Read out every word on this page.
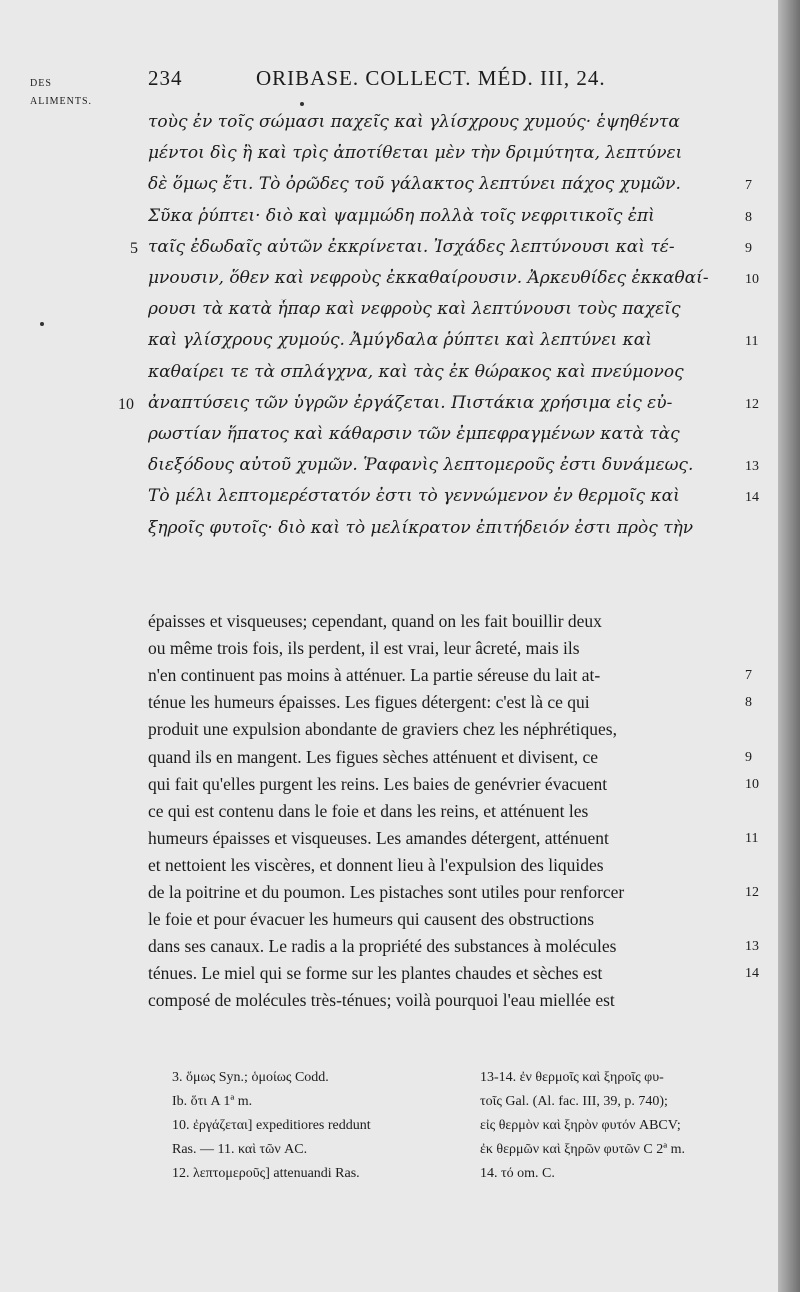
DES
ALIMENTS.
234	ORIBASE. COLLECT. MÉD. III, 24.
τοὺς ἐν τοῖς σώμασι παχεῖς καὶ γλίσχρους χυμούς· ἑψηθέντα
μέντοι δὶς ἢ καὶ τρὶς ἀποτίθεται μὲν τὴν δριμύτητα, λεπτύνει
δὲ ὅμως ἔτι. Τὸ ὀρῶδες τοῦ γάλακτος λεπτύνει πάχος χυμῶν.	7
Σῦκα ῥύπτει· διὸ καὶ ψαμμώδη πολλὰ τοῖς νεφριτικοῖς ἐπὶ	8
ταῖς ἐδωδαῖς αὐτῶν ἐκκρίνεται. Ἰσχάδες λεπτύνουσι καὶ τέ-
5	9
μνουσιν, ὅθεν καὶ νεφροὺς ἐκκαθαίρουσιν. Ἀρκευθίδες ἐκκαθαί-	10
ρουσι τὰ κατὰ ἧπαρ καὶ νεφροὺς καὶ λεπτύνουσι τοὺς παχεῖς
καὶ γλίσχρους χυμούς. Ἀμύγδαλα ῥύπτει καὶ λεπτύνει καὶ	11
καθαίρει τε τὰ σπλάγχνα, καὶ τὰς ἐκ θώρακος καὶ πνεύμονος
ἀναπτύσεις τῶν ὑγρῶν ἐργάζεται. Πιστάκια χρήσιμα εἰς εὐ-
10	12
ρωστίαν ἥπατος καὶ κάθαρσιν τῶν ἐμπεφραγμένων κατὰ τὰς
διεξόδους αὐτοῦ χυμῶν. Ῥαφανὶς λεπτομεροῦς ἐστι δυνάμεως.	13
Τὸ μέλι λεπτομερέστατόν ἐστι τὸ γεννώμενον ἐν θερμοῖς καὶ	14
ξηροῖς φυτοῖς· διὸ καὶ τὸ μελίκρατον ἐπιτήδειόν ἐστι πρὸς τὴν
épaisses et visqueuses; cependant, quand on les fait bouillir deux
ou même trois fois, ils perdent, il est vrai, leur âcreté, mais ils
n'en continuent pas moins à atténuer. La partie séreuse du lait at-	7
ténue les humeurs épaisses. Les figues détergent: c'est là ce qui	8
produit une expulsion abondante de graviers chez les néphrétiques,
quand ils en mangent. Les figues sèches atténuent et divisent, ce	9
qui fait qu'elles purgent les reins. Les baies de genévrier évacuent	10
ce qui est contenu dans le foie et dans les reins, et atténuent les
humeurs épaisses et visqueuses. Les amandes détergent, atténuent	11
et nettoient les viscères, et donnent lieu à l'expulsion des liquides
de la poitrine et du poumon. Les pistaches sont utiles pour renforcer	12
le foie et pour évacuer les humeurs qui causent des obstructions
dans ses canaux. Le radis a la propriété des substances à molécules	13
ténues. Le miel qui se forme sur les plantes chaudes et sèches est	14
composé de molécules très-ténues; voilà pourquoi l'eau miellée est
3. ὅμως Syn.; ὁμοίως Codd.
Ib. ὅτι A 1ª m.
10. ἐργάζεται] expeditiores reddunt
Ras. — 11. καὶ τῶν AC.
12. λεπτομεροῦς] attenuandi Ras.
13-14. ἐν θερμοῖς καὶ ξηροῖς φυ-
τοῖς Gal. (Al. fac. III, 39, p. 740);
εἰς θερμὸν καὶ ξηρὸν φυτόν ABCV;
ἐκ θερμῶν καὶ ξηρῶν φυτῶν C 2ª m.
14. τό om. C.
